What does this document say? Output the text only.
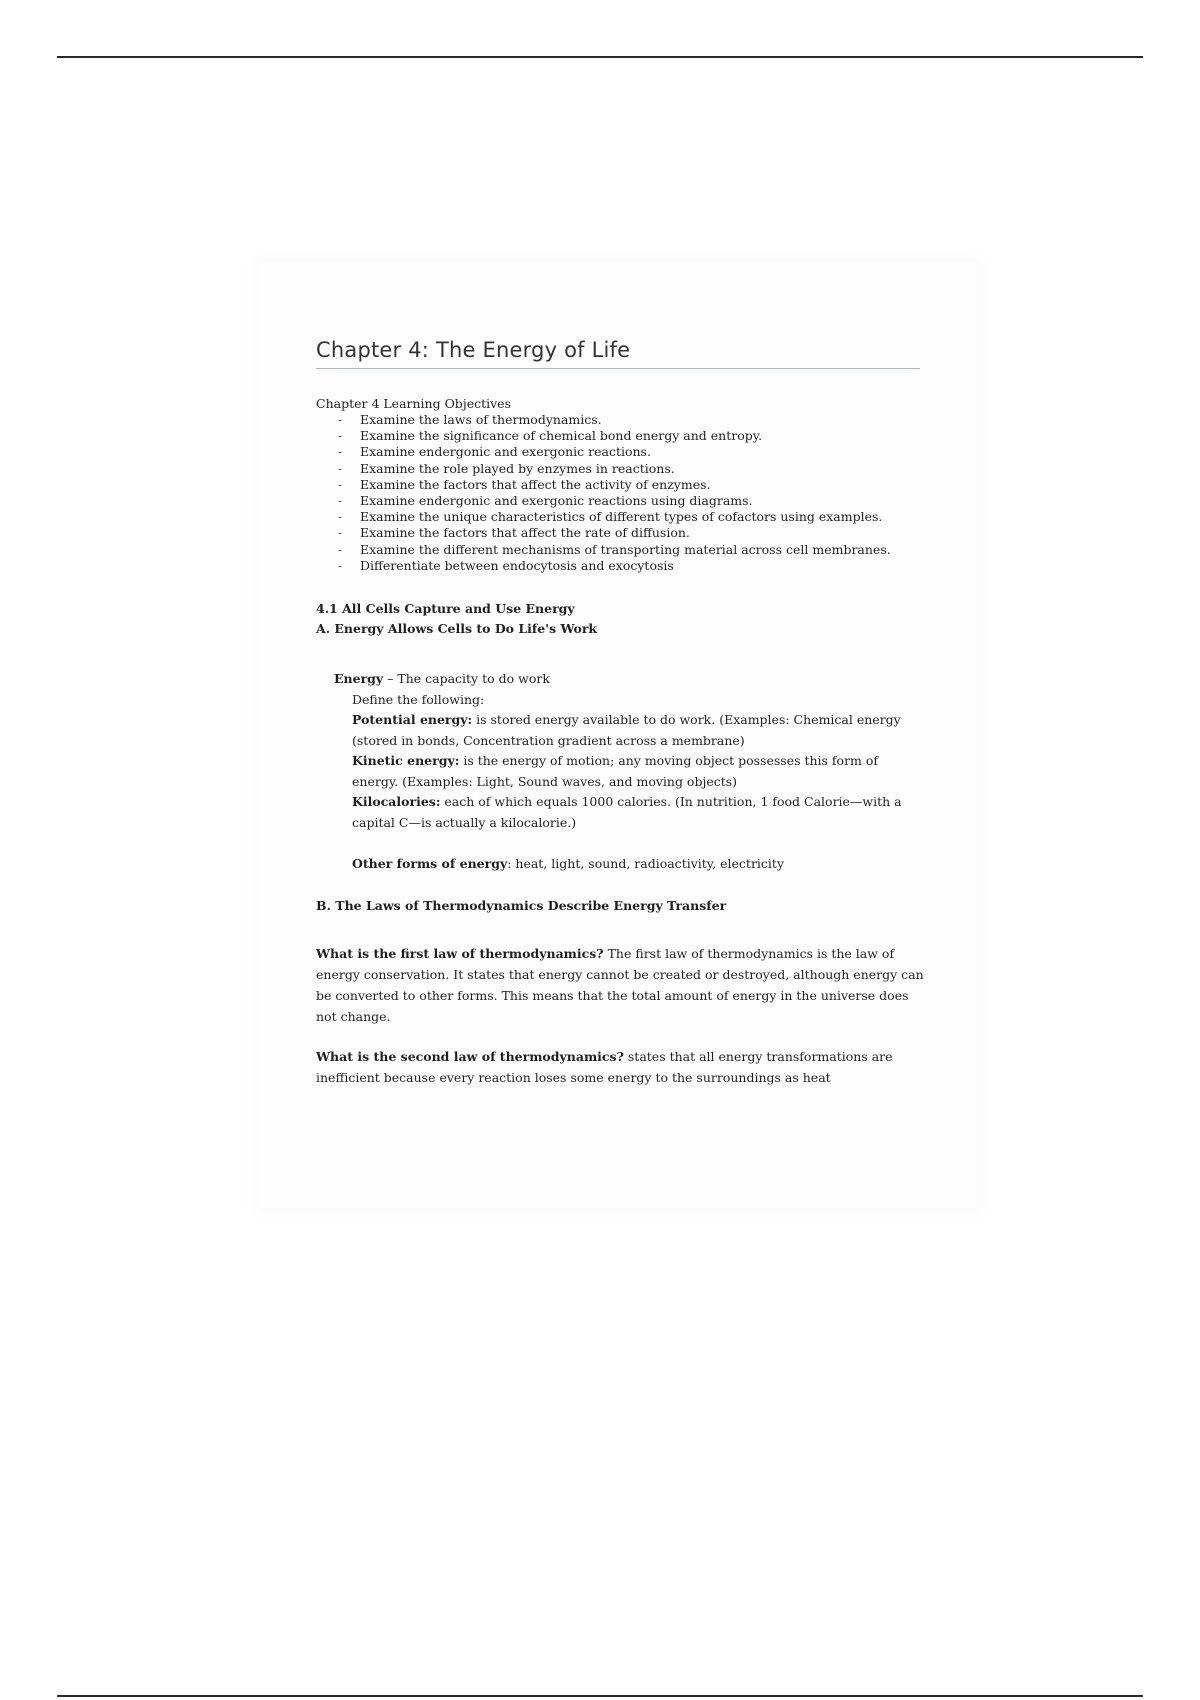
Chapter 4: The Energy of Life

Chapter 4 Learning Objectives

- Examine the laws of thermodynamics.
- Examine the significance of chemical bond energy and entropy.
- Examine endergonic and exergonic reactions.
- Examine the role played by enzymes in reactions.
- Examine the factors that affect the activity of enzymes.
- Examine endergonic and exergonic reactions using diagrams.
- Examine the unique characteristics of different types of cofactors using examples.
- Examine the factors that affect the rate of diffusion.
- Examine the different mechanisms of transporting material across cell membranes.
- Differentiate between endocytosis and exocytosis

4.1 All Cells Capture and Use Energy

A. Energy Allows Cells to Do Life's Work

Energy – The capacity to do work
Define the following:
Potential energy: is stored energy available to do work. (Examples: Chemical energy (stored in bonds, Concentration gradient across a membrane)
Kinetic energy: is the energy of motion; any moving object possesses this form of energy. (Examples: Light, Sound waves, and moving objects)
Kilocalories: each of which equals 1000 calories. (In nutrition, 1 food Calorie—with a capital C—is actually a kilocalorie.)
Other forms of energy: heat, light, sound, radioactivity, electricity

B. The Laws of Thermodynamics Describe Energy Transfer

What is the first law of thermodynamics? The first law of thermodynamics is the law of energy conservation. It states that energy cannot be created or destroyed, although energy can be converted to other forms. This means that the total amount of energy in the universe does not change.

What is the second law of thermodynamics? states that all energy transformations are inefficient because every reaction loses some energy to the surroundings as heat
